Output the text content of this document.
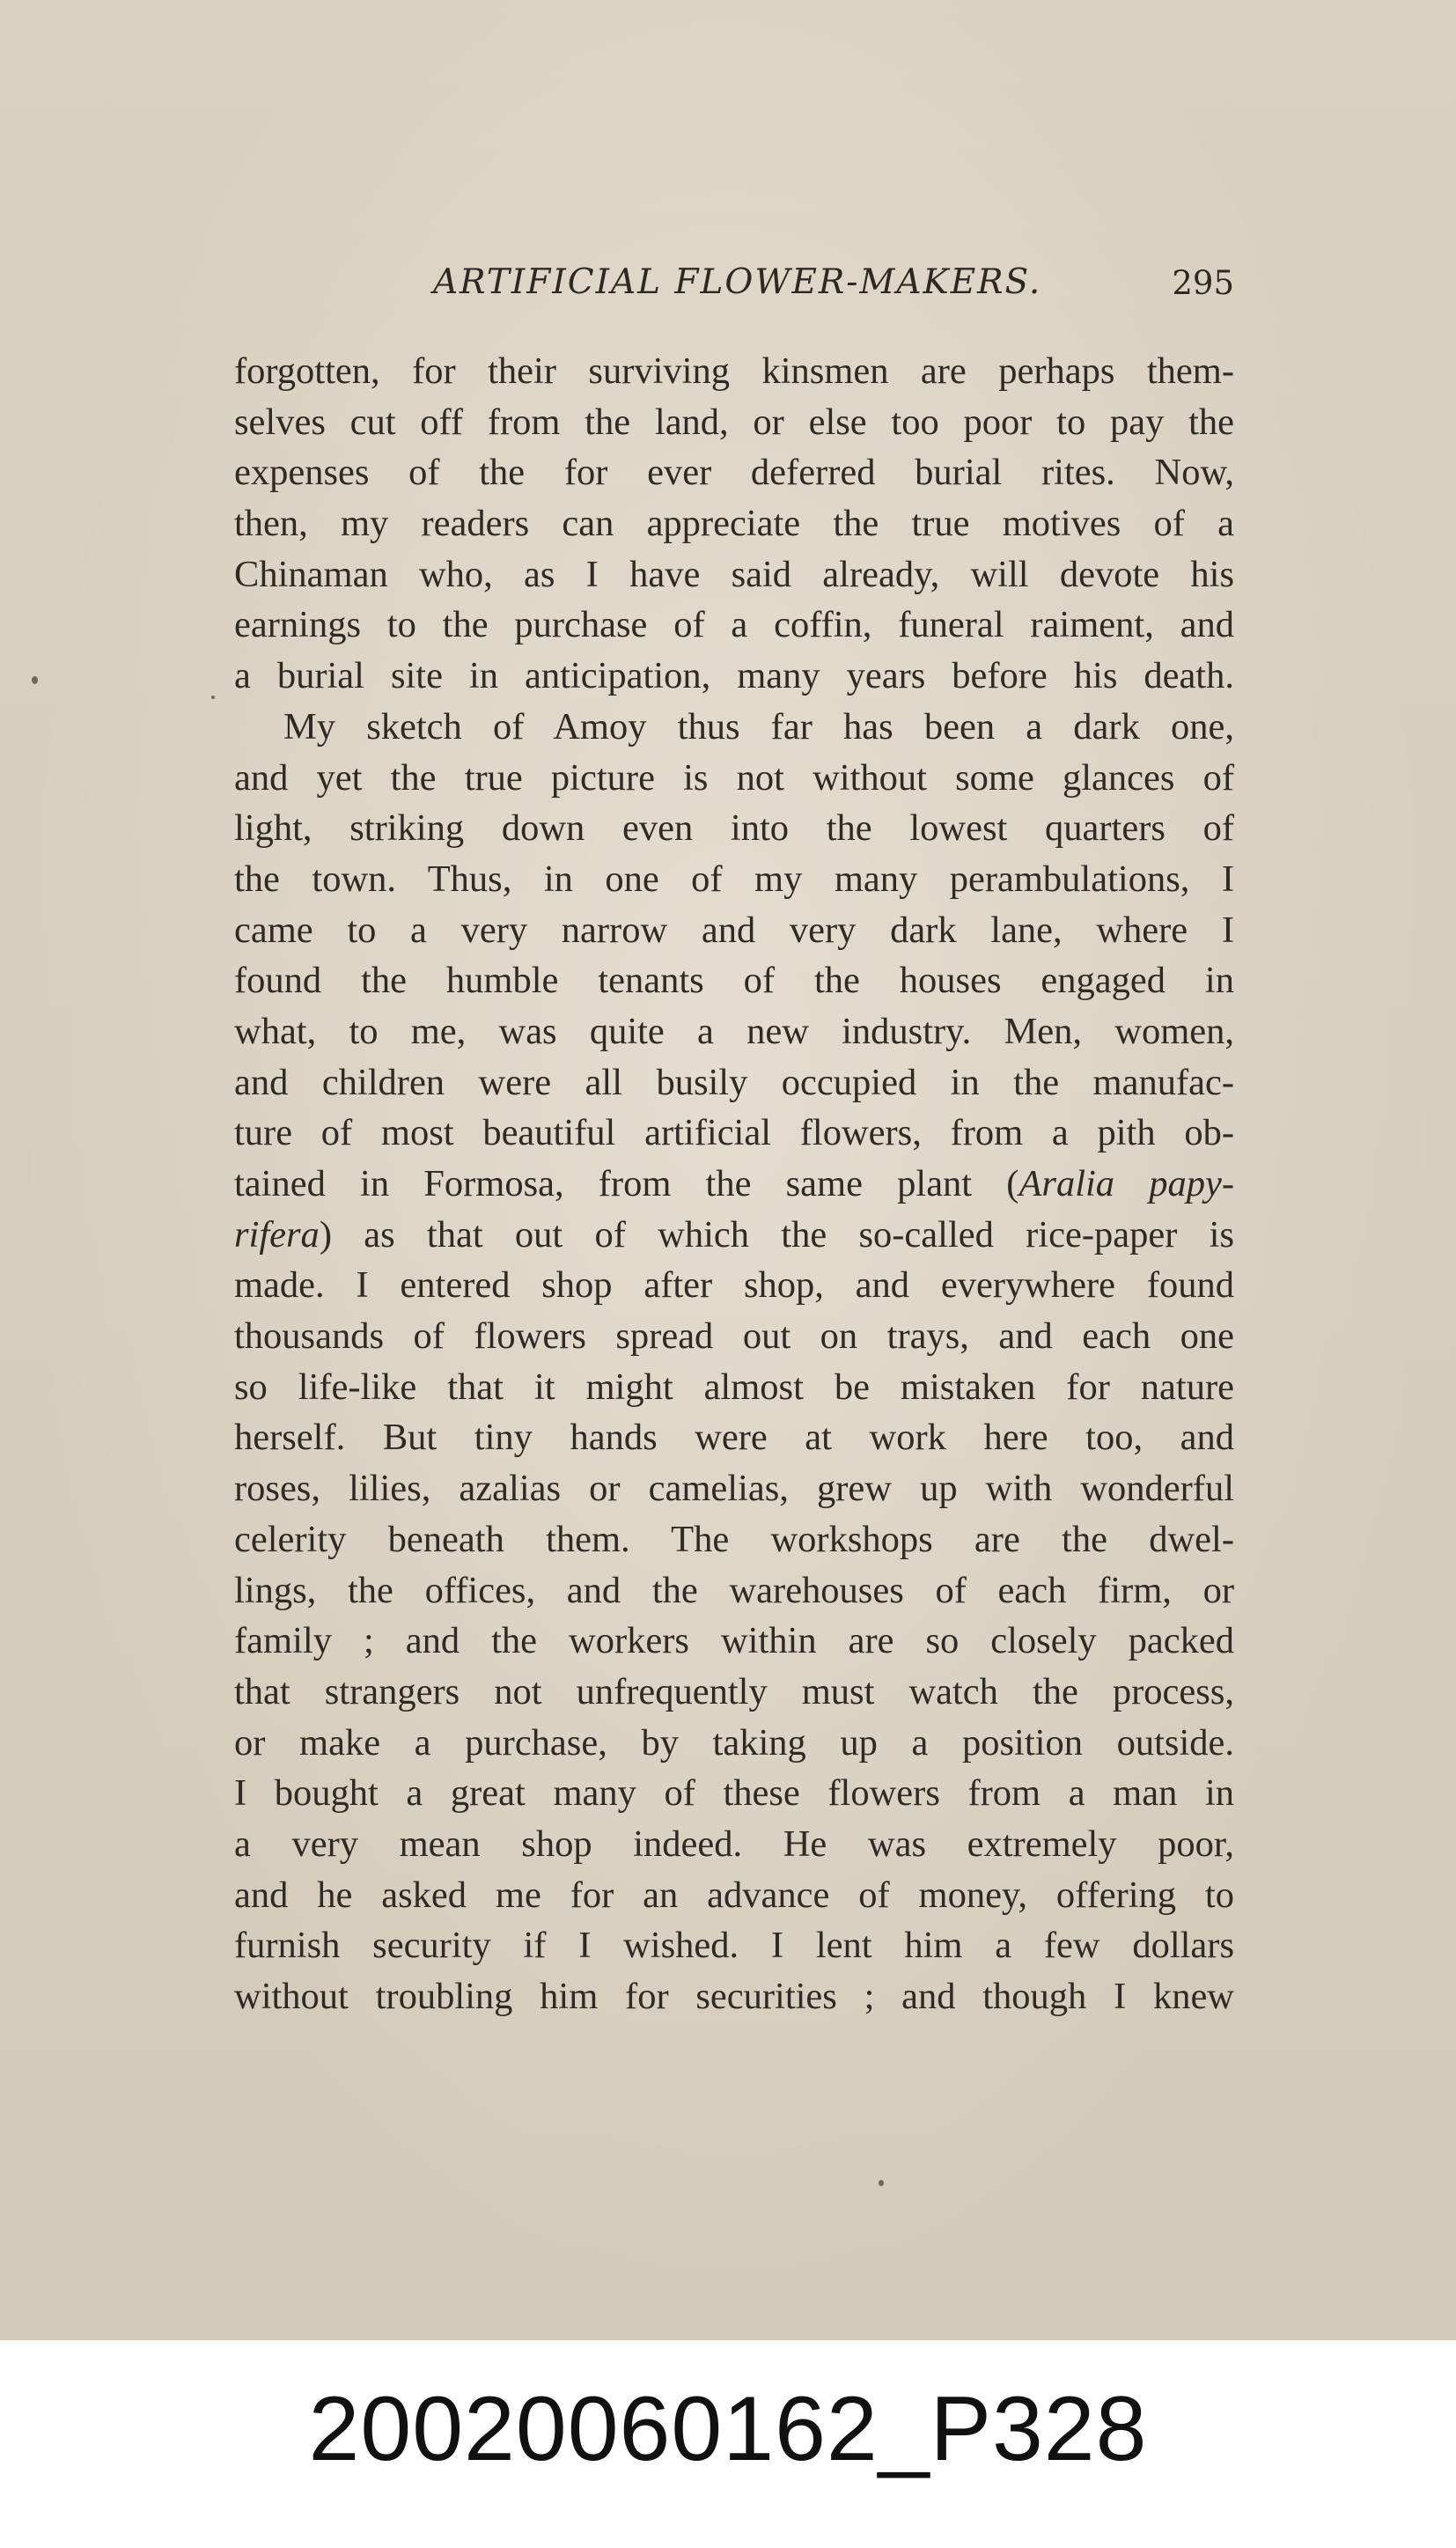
ARTIFICIAL FLOWER-MAKERS.	295
forgotten, for their surviving kinsmen are perhaps them-
selves cut off from the land, or else too poor to pay the
expenses of the for ever deferred burial rites. Now,
then, my readers can appreciate the true motives of a
Chinaman who, as I have said already, will devote his
earnings to the purchase of a coffin, funeral raiment, and
a burial site in anticipation, many years before his death.
My sketch of Amoy thus far has been a dark one,
and yet the true picture is not without some glances of
light, striking down even into the lowest quarters of
the town. Thus, in one of my many perambulations, I
came to a very narrow and very dark lane, where I
found the humble tenants of the houses engaged in
what, to me, was quite a new industry. Men, women,
and children were all busily occupied in the manufac-
ture of most beautiful artificial flowers, from a pith ob-
tained in Formosa, from the same plant (Aralia papy-
rifera) as that out of which the so-called rice-paper is
made. I entered shop after shop, and everywhere found
thousands of flowers spread out on trays, and each one
so life-like that it might almost be mistaken for nature
herself. But tiny hands were at work here too, and
roses, lilies, azalias or camelias, grew up with wonderful
celerity beneath them. The workshops are the dwel-
lings, the offices, and the warehouses of each firm, or
family ; and the workers within are so closely packed
that strangers not unfrequently must watch the process,
or make a purchase, by taking up a position outside.
I bought a great many of these flowers from a man in
a very mean shop indeed. He was extremely poor,
and he asked me for an advance of money, offering to
furnish security if I wished. I lent him a few dollars
without troubling him for securities ; and though I knew
20020060162_P328
